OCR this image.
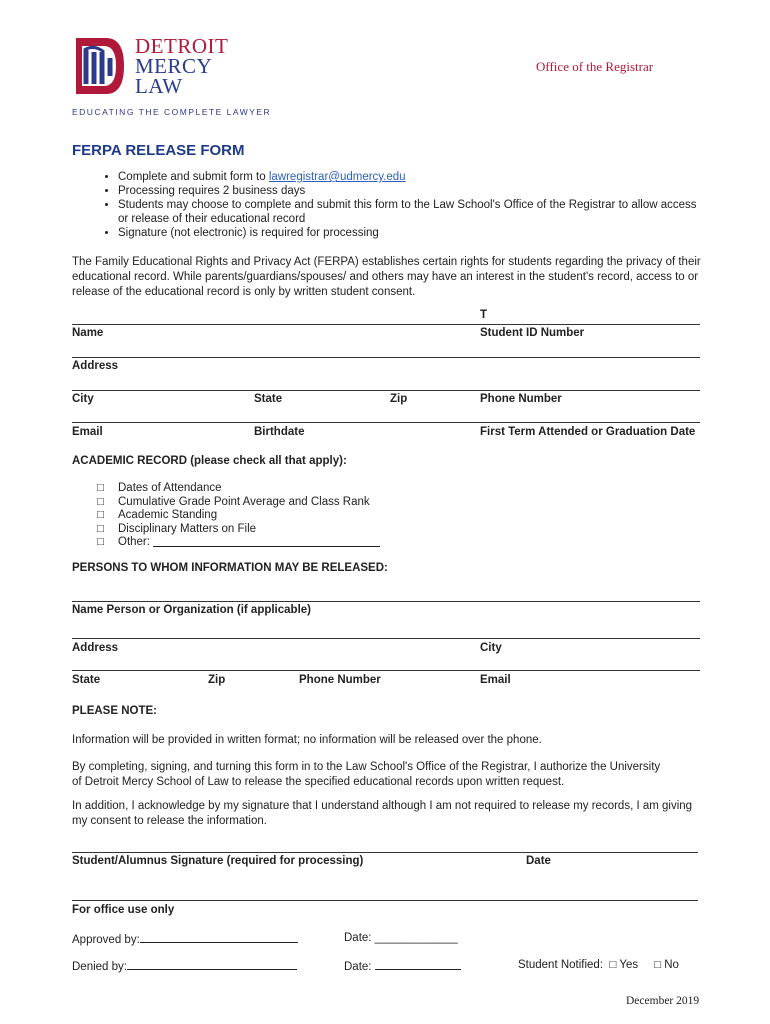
DETROIT
MERCY
LAW
EDUCATING THE COMPLETE LAWYER
Office of the Registrar
FERPA RELEASE FORM
• Complete and submit form to lawregistrar@udmercy.edu
• Processing requires 2 business days
• Students may choose to complete and submit this form to the Law School's Office of the Registrar to allow access or release of their educational record
• Signature (not electronic) is required for processing
The Family Educational Rights and Privacy Act (FERPA) establishes certain rights for students regarding the privacy of their educational record. While parents/guardians/spouses/ and others may have an interest in the student's record, access to or release of the educational record is only by written student consent.
T
Name	Student ID Number
Address
City	State	Zip	Phone Number
Email	Birthdate	First Term Attended or Graduation Date
ACADEMIC RECORD (please check all that apply):
□	Dates of Attendance
□	Cumulative Grade Point Average and Class Rank
□	Academic Standing
□	Disciplinary Matters on File
□	Other:

PERSONS TO WHOM INFORMATION MAY BE RELEASED:
Name Person or Organization (if applicable)
Address	City
State	Zip	Phone Number	Email
PLEASE NOTE:
Information will be provided in written format; no information will be released over the phone.
By completing, signing, and turning this form in to the Law School's Office of the Registrar, I authorize the University of Detroit Mercy School of Law to release the specified educational records upon written request.
In addition, I acknowledge by my signature that I understand although I am not required to release my records, I am giving my consent to release the information.
Student/Alumnus Signature (required for processing)	Date
For office use only
Approved by:	Date: _____________
Denied by:	Date:	Student Notified: □ Yes □ No
December 2019
